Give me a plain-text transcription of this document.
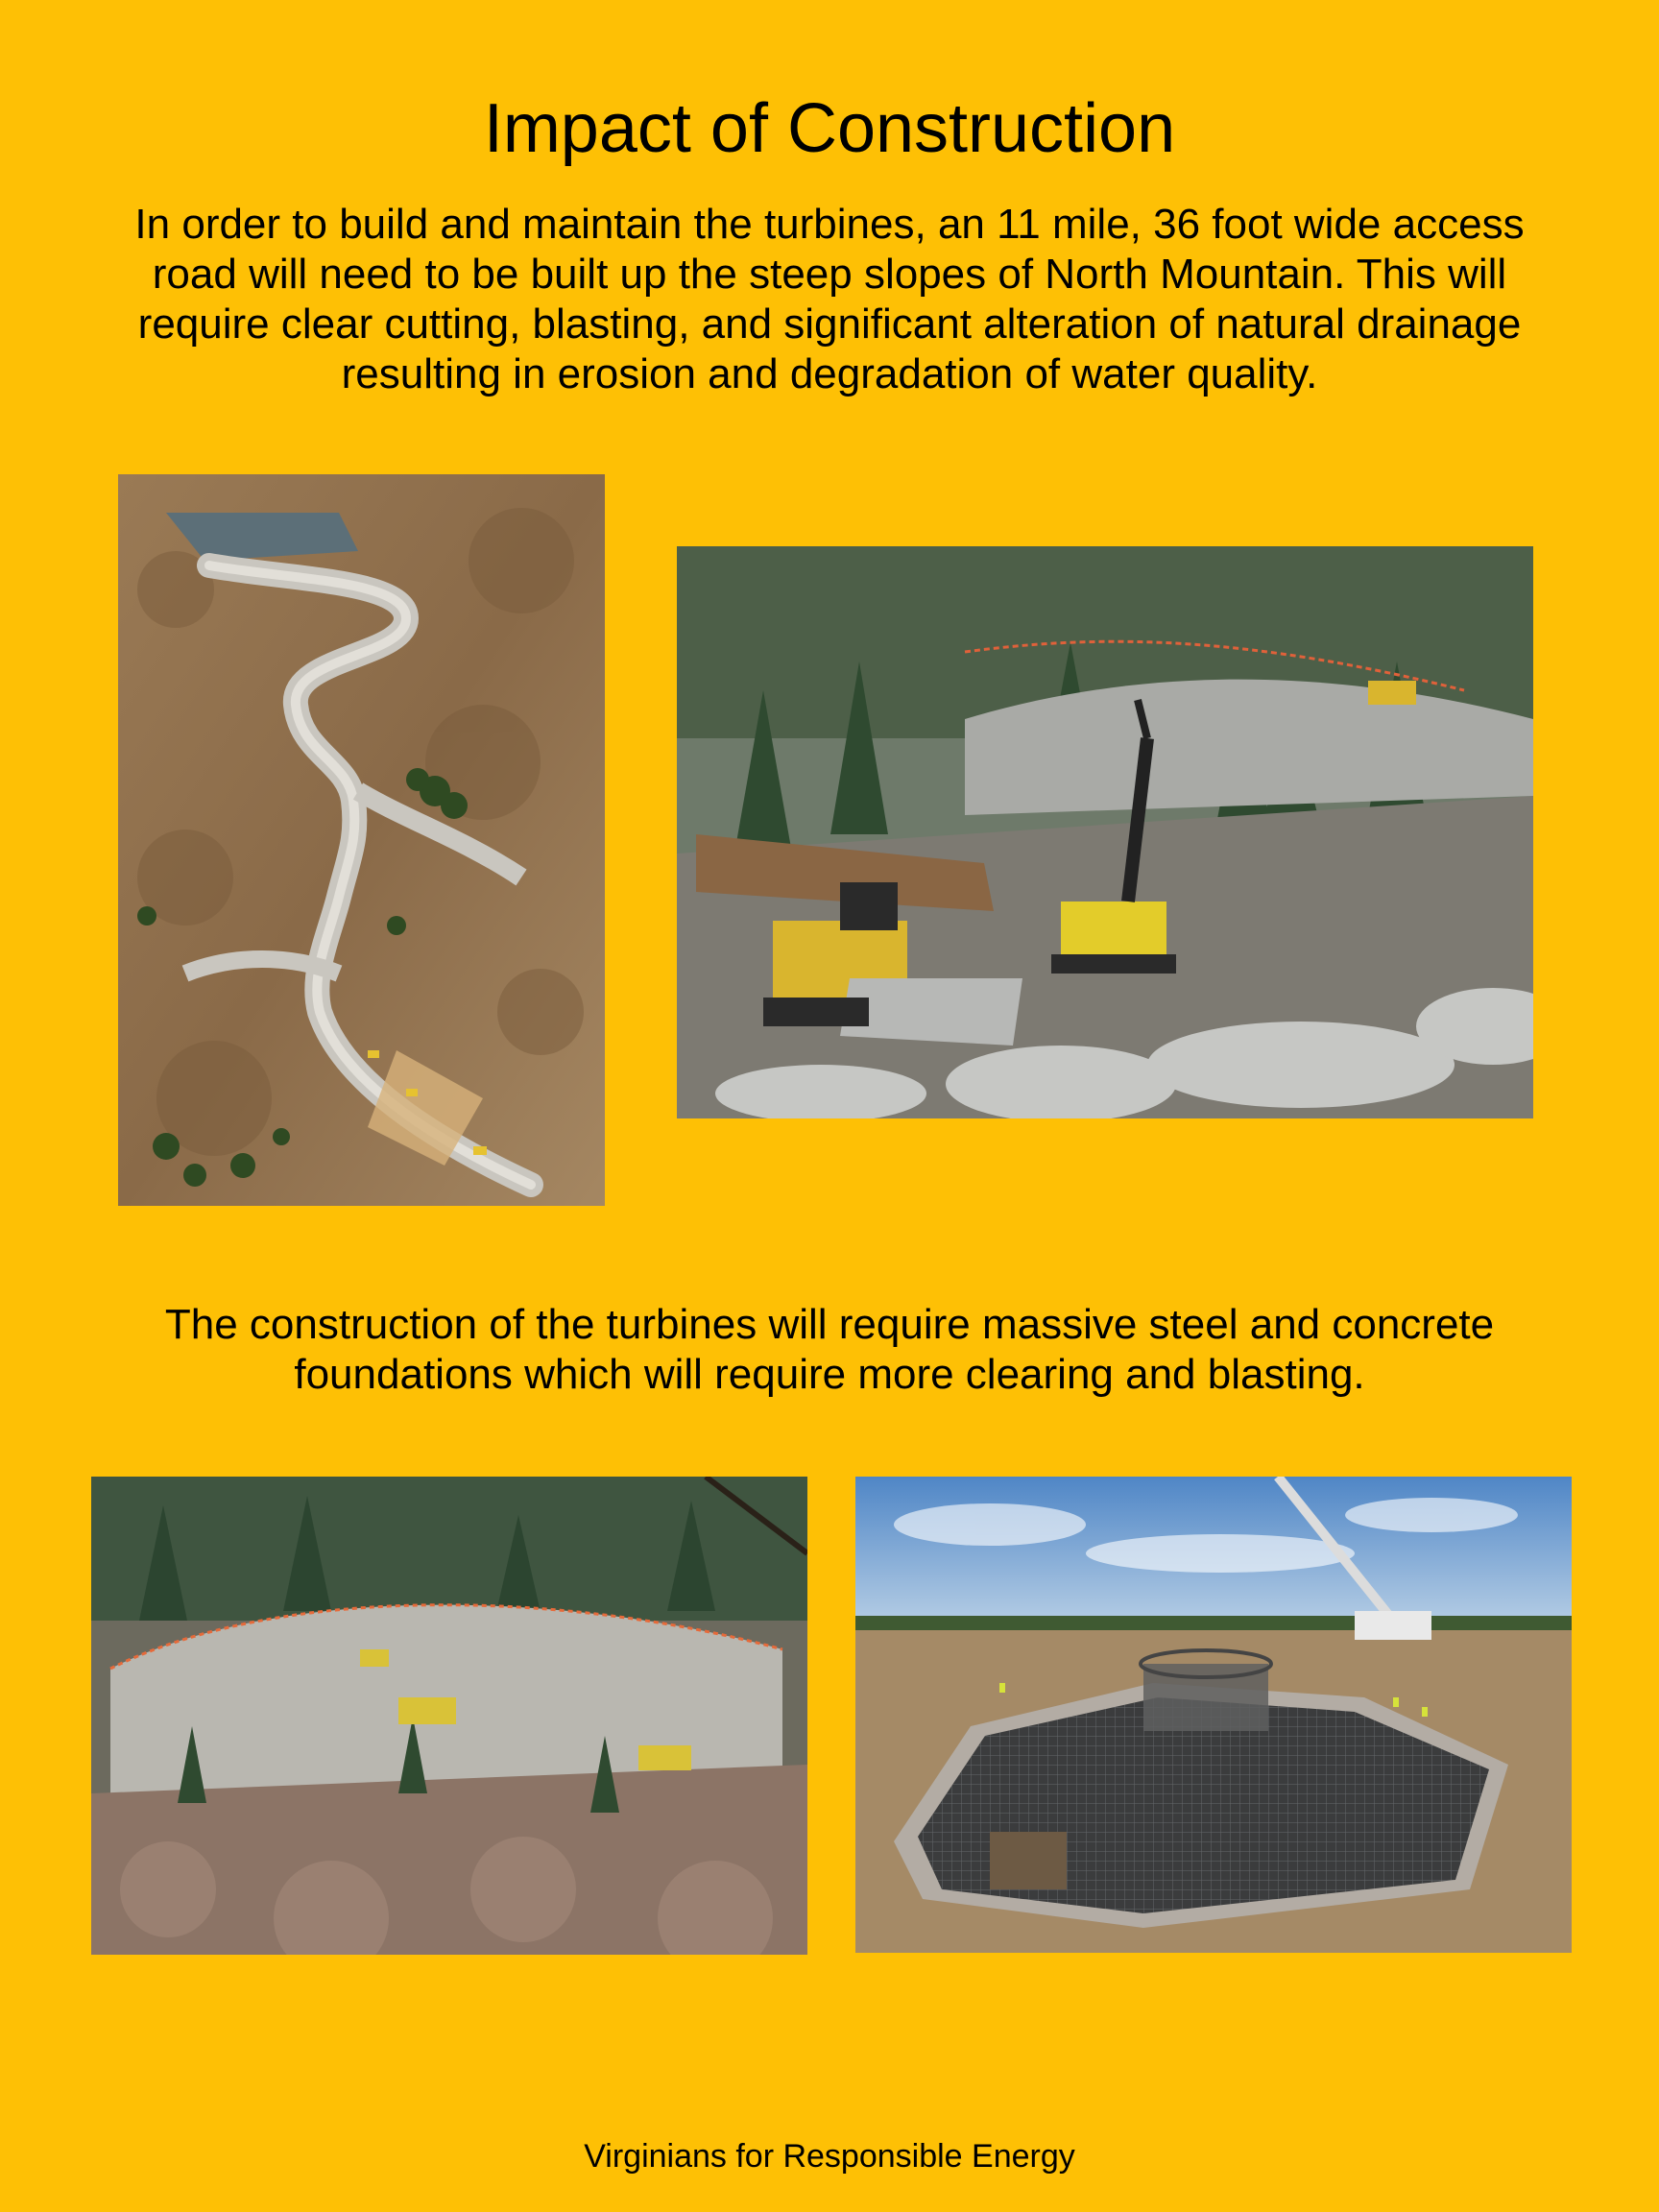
Impact of Construction
In order to build and maintain the turbines, an 11 mile, 36 foot wide access
road will need to be built up the steep slopes of North Mountain. This will
require clear cutting, blasting, and significant alteration of natural drainage
resulting in erosion and degradation of water quality.
The construction of the turbines will require massive steel and concrete
foundations which will require more clearing and blasting.
Virginians for Responsible Energy
